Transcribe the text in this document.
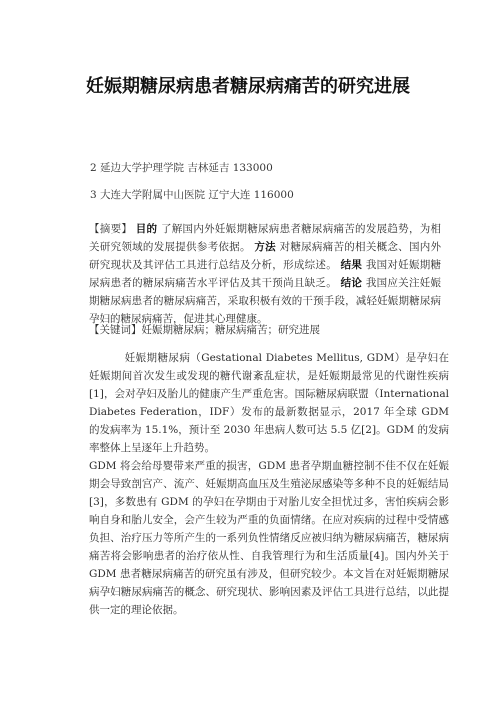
妊娠期糖尿病患者糖尿病痛苦的研究进展
2 延边大学护理学院 吉林延吉 133000
3 大连大学附属中山医院 辽宁大连 116000
【摘要】 目的 了解国内外妊娠期糖尿病患者糖尿病痛苦的发展趋势，为相关研究领域的发展提供参考依据。 方法 对糖尿病痛苦的相关概念、国内外研究现状及其评估工具进行总结及分析，形成综述。 结果 我国对妊娠期糖尿病患者的糖尿病痛苦水平评估及其干预尚且缺乏。 结论 我国应关注妊娠期糖尿病患者的糖尿病痛苦，采取积极有效的干预手段，减轻妊娠期糖尿病孕妇的糖尿病痛苦，促进其心理健康。
【关键词】妊娠期糖尿病；糖尿病痛苦；研究进展

妊娠期糖尿病（Gestational Diabetes Mellitus, GDM）是孕妇在妊娠期间首次发生或发现的糖代谢紊乱症状，是妊娠期最常见的代谢性疾病[1]，会对孕妇及胎儿的健康产生严重危害。国际糖尿病联盟（International Diabetes Federation，IDF）发布的最新数据显示，2017 年全球 GDM 的发病率为 15.1%，预计至 2030 年患病人数可达 5.5 亿[2]。GDM 的发病率整体上呈逐年上升趋势。

GDM 将会给母婴带来严重的损害，GDM 患者孕期血糖控制不佳不仅在妊娠期会导致剖宫产、流产、妊娠期高血压及生殖泌尿感染等多种不良的妊娠结局[3]，多数患有 GDM 的孕妇在孕期由于对胎儿安全担忧过多，害怕疾病会影响自身和胎儿安全，会产生较为严重的负面情绪。在应对疾病的过程中受情感负担、治疗压力等所产生的一系列负性情绪反应被归纳为糖尿病痛苦，糖尿病痛苦将会影响患者的治疗依从性、自我管理行为和生活质量[4]。国内外关于 GDM 患者糖尿病痛苦的研究虽有涉及，但研究较少。本文旨在对妊娠期糖尿病孕妇糖尿病痛苦的概念、研究现状、影响因素及评估工具进行总结，以此提供一定的理论依据。
